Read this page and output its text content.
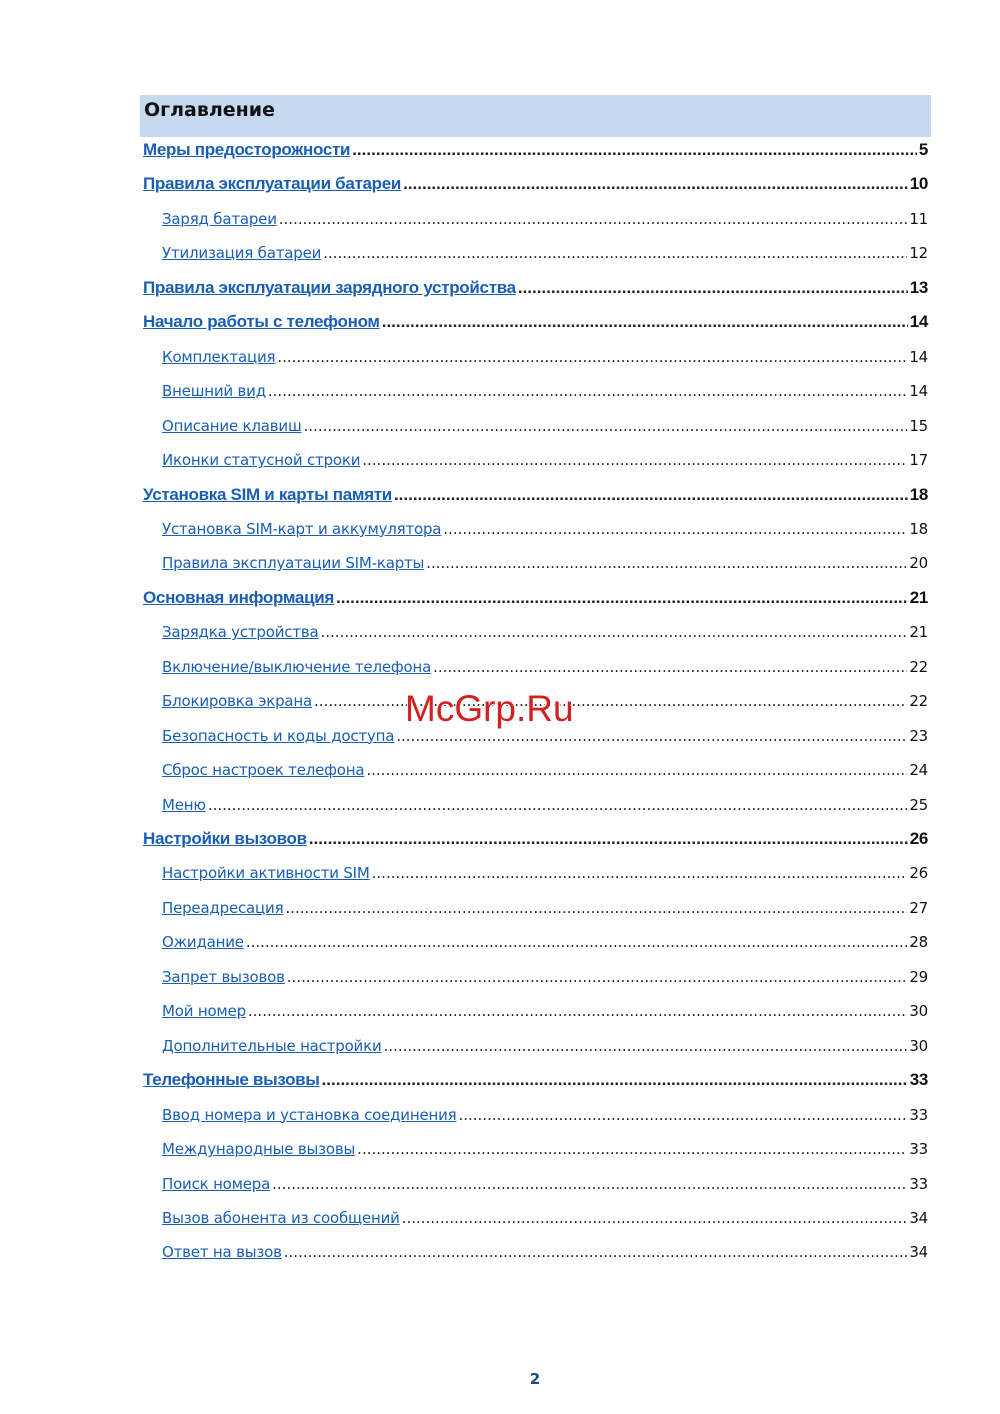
Оглавление
Меры предосторожности .....	5
Правила эксплуатации батареи .....	10
Заряд батареи .....	11
Утилизация батареи .....	12
Правила эксплуатации зарядного устройства .....	13
Начало работы с телефоном .....	14
Комплектация .....	14
Внешний вид .....	14
Описание клавиш .....	15
Иконки статусной строки .....	17
Установка SIM и карты памяти .....	18
Установка SIM-карт и аккумулятора .....	18
Правила эксплуатации SIM-карты .....	20
Основная информация .....	21
Зарядка устройства .....	21
Включение/выключение телефона .....	22
Блокировка экрана .....	22
Безопасность и коды доступа .....	23
Сброс настроек телефона .....	24
Меню .....	25
Настройки вызовов .....	26
Настройки активности SIM .....	26
Переадресация .....	27
Ожидание .....	28
Запрет вызовов .....	29
Мой номер .....	30
Дополнительные настройки .....	30
Телефонные вызовы .....	33
Ввод номера и установка соединения .....	33
Международные вызовы .....	33
Поиск номера .....	33
Вызов абонента из сообщений .....	34
Ответ на вызов .....	34
McGrp.Ru
2
